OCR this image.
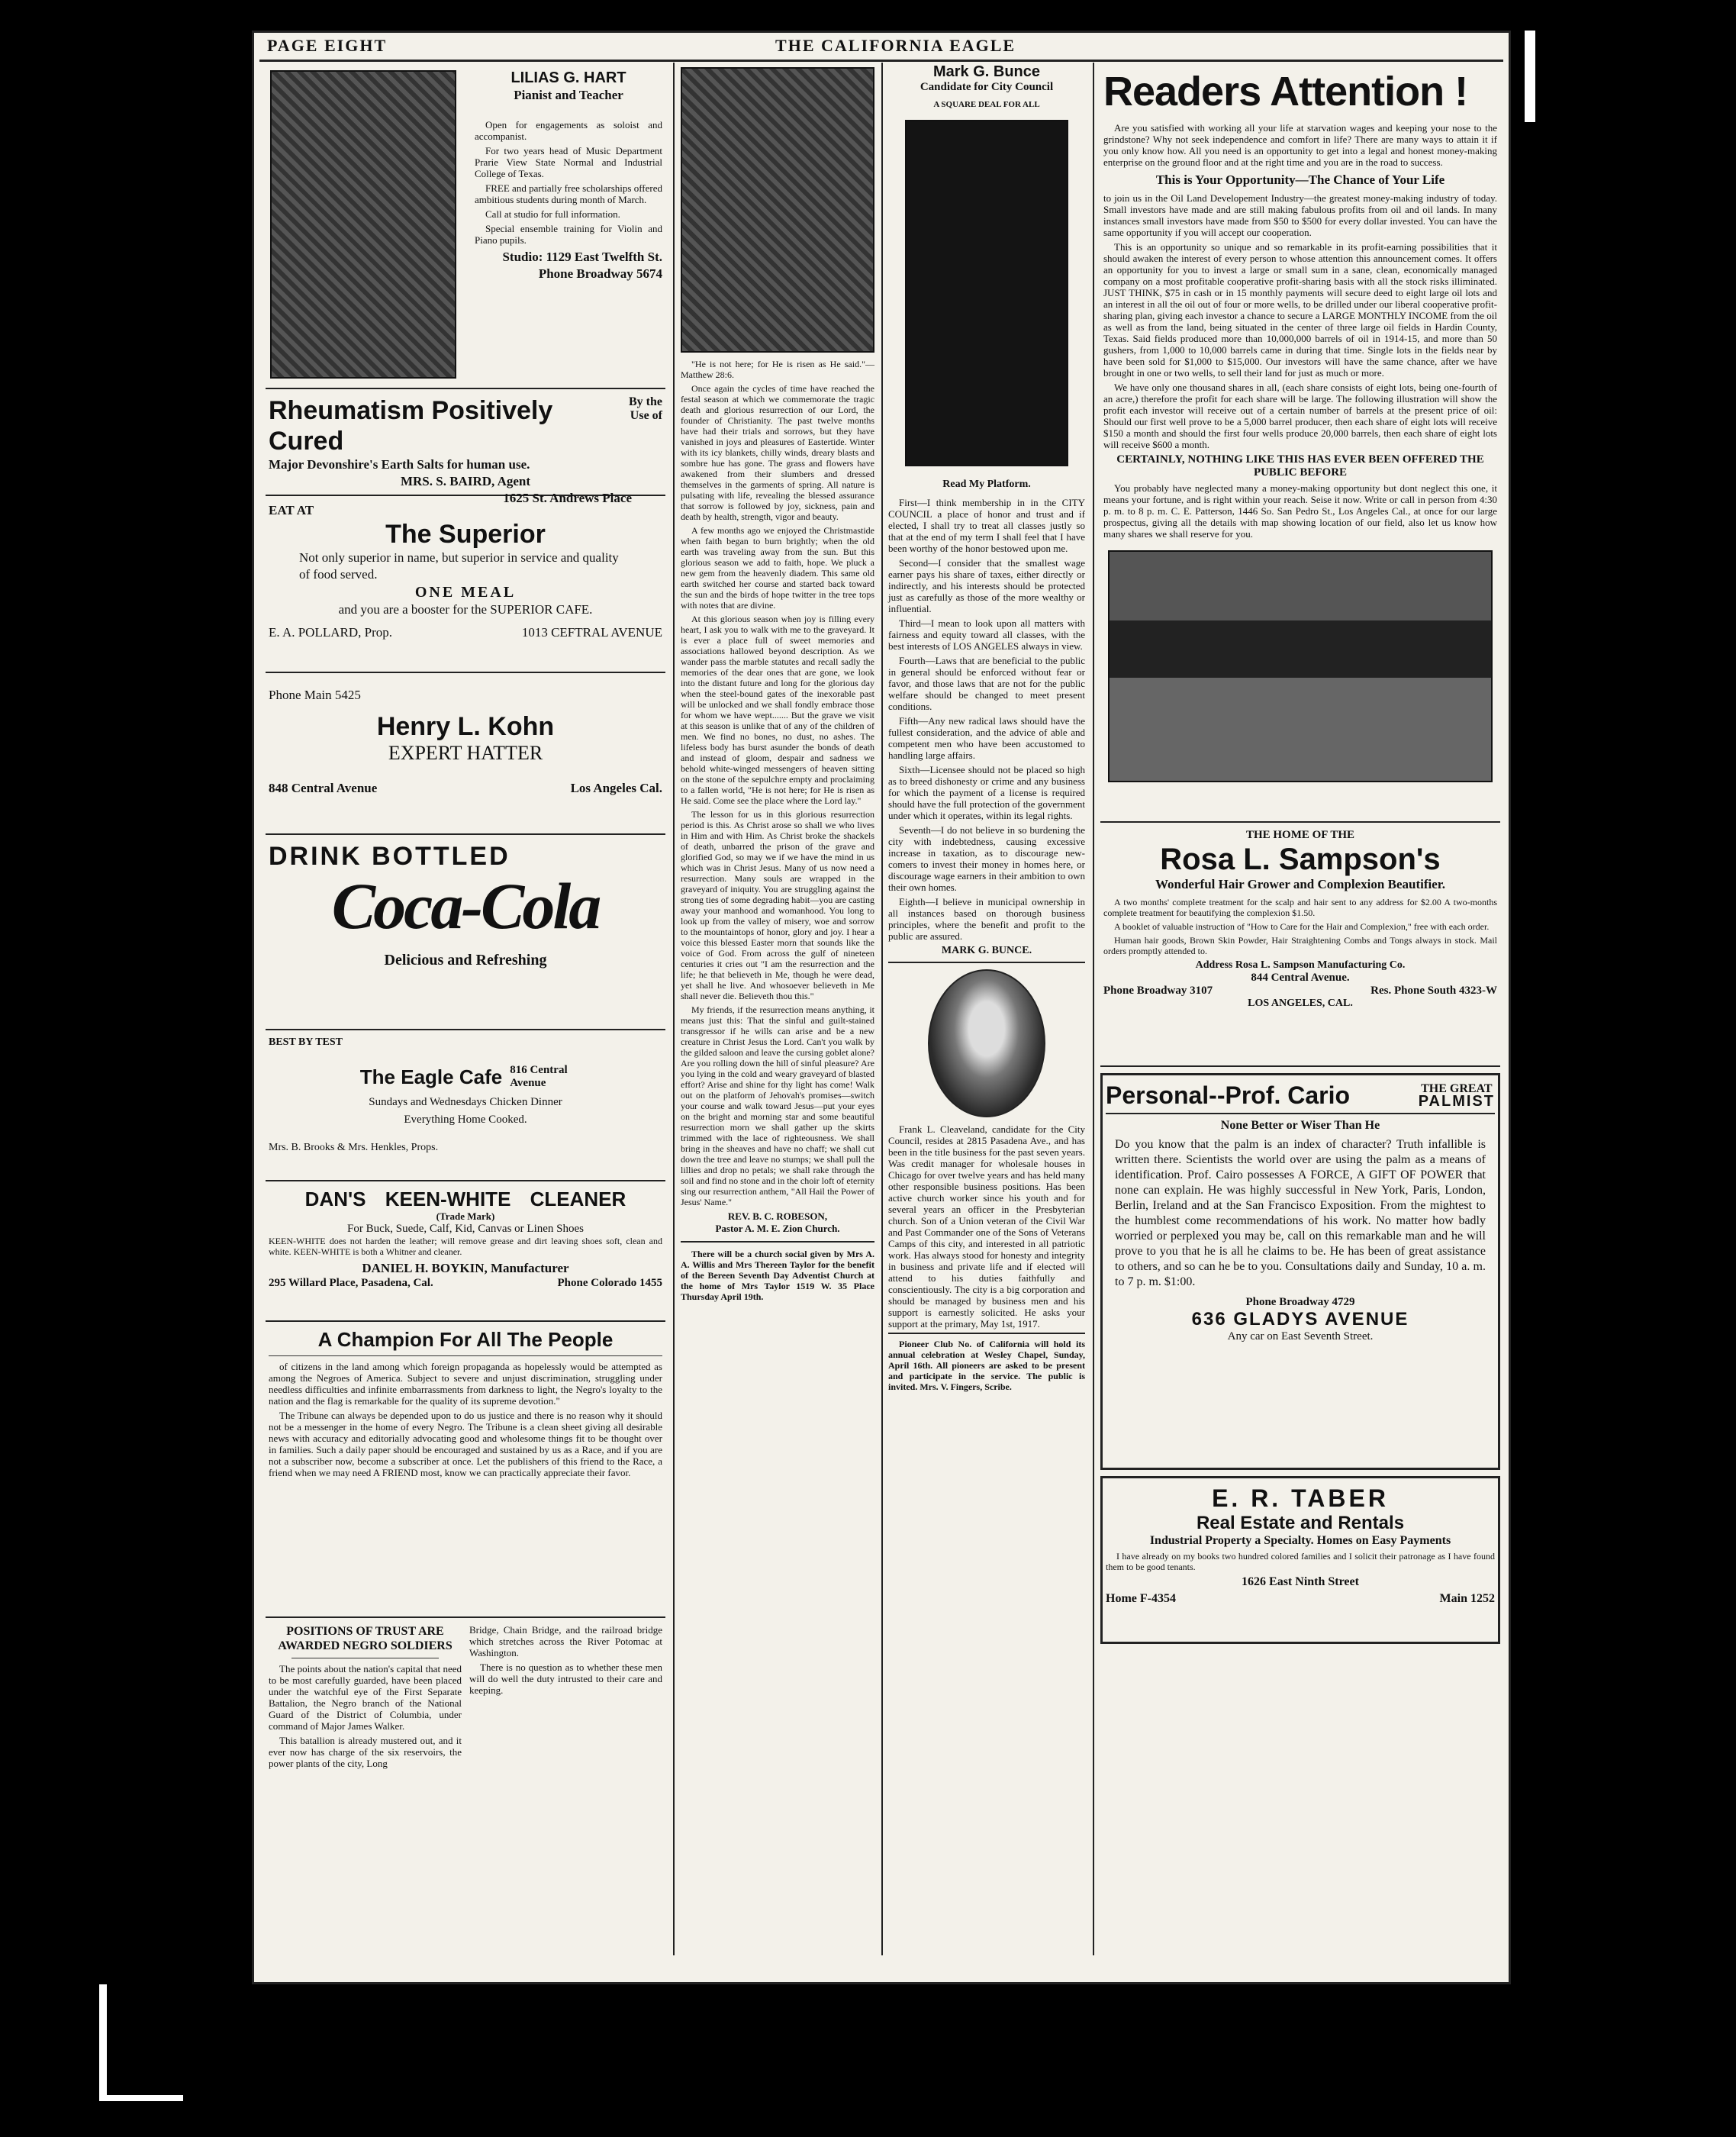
PAGE EIGHT	THE CALIFORNIA EAGLE
LILIAS G. HART
Pianist and Teacher

Open for engagements as soloist and accompanist.

For two years head of Music Department Prarie View State Normal and Industrial College of Texas.

FREE and partially free scholarships offered ambitious students during month of March.

Call at studio for full information.

Special ensemble training for Violin and Piano pupils.

Studio: 1129 East Twelfth St.
Phone Broadway 5674
Rheumatism Positively Cured
By the Use of
Major Devonshire's Earth Salts for human use.
MRS. S. BAIRD, Agent
1625 St. Andrews Place
EAT AT
The Superior
Not only superior in name, but superior in service and quality of food served.
ONE MEAL
and you are a booster for the SUPERIOR CAFE.
E. A. POLLARD, Prop.	1013 CEFTRAL AVENUE
Phone Main 5425
Henry L. Kohn
EXPERT HATTER
848 Central Avenue	Los Angeles Cal.
DRINK BOTTLED
Coca-Cola
Delicious and Refreshing
BEST BY TEST
The Eagle Cafe 816 Central Avenue
Sundays and Wednesdays Chicken Dinner
Everything Home Cooked.
Mrs. B. Brooks & Mrs. Henkles, Props.
DAN'S KEEN-WHITE CLEANER
(Trade Mark)
For Buck, Suede, Calf, Kid, Canvas or Linen Shoes

KEEN-WHITE does not harden the leather; will remove grease and dirt leaving shoes soft, clean and white. KEEN-WHITE is both a Whitner and cleaner.

DANIEL H. BOYKIN, Manufacturer
295 Willard Place, Pasadena, Cal.	Phone Colorado 1455
A Champion For All The People

of citizens in the land among which foreign propaganda as hopelessly would be attempted as among the Negroes of America. Subject to severe and unjust discrimination, struggling under needless difficulties and infinite embarrassments from darkness to light, the Negro's loyalty to the nation and the flag is remarkable for the quality of its supreme devotion."

The Tribune can always be depended upon to do us justice and there is no reason why it should not be a messenger in the home of every Negro. The Tribune is a clean sheet giving all desirable news with accuracy and editorially advocating good and wholesome things fit to be thought over in families. Such a daily paper should be encouraged and sustained by us as a Race, and if you are not a subscriber now, become a subscriber at once. Let the publishers of this friend to the Race, a friend when we may need A FRIEND most, know we can practically appreciate their favor.

POSITIONS OF TRUST ARE AWARDED NEGRO SOLDIERS

The points about the nation's capital that need to be most carefully guarded, have been placed under the watchful eye of the First Separate Battalion, the Negro branch of the National Guard of the District of Columbia, under command of Major James Walker.

This batallion is already mustered out, and it ever now has charge of the six reservoirs, the power plants of the city, Long

Bridge, Chain Bridge, and the railroad bridge which stretches across the River Potomac at Washington.

There is no question as to whether these men will do well the duty intrusted to their care and keeping.

"He is not here; for He is risen as He said."—Matthew 28:6.

Once again the cycles of time have reached the festal season at which we commemorate the tragic death and glorious resurrection of our Lord, the founder of Christianity. The past twelve months have had their trials and sorrows, but they have vanished in joys and pleasures of Eastertide. Winter with its icy blankets, chilly winds, dreary blasts and sombre hue has gone. The grass and flowers have awakened from their slumbers and dressed themselves in the garments of spring. All nature is pulsating with life, revealing the blessed assurance that sorrow is followed by joy, sickness, pain and death by health, strength, vigor and beauty.

A few months ago we enjoyed the Christmastide when faith began to burn brightly; when the old earth was traveling away from the sun. But this glorious season we add to faith, hope. We pluck a new gem from the heavenly diadem. This same old earth switched her course and started back toward the sun and the birds of hope twitter in the tree tops with notes that are divine.

At this glorious season when joy is filling every heart, I ask you to walk with me to the graveyard. It is ever a place full of sweet memories and associations hallowed beyond description. As we wander pass the marble statutes and recall sadly the memories of the dear ones that are gone, we look into the distant future and long for the glorious day when the steel-bound gates of the inexorable past will be unlocked and we shall fondly embrace those for whom we have wept....... But the grave we visit at this season is unlike that of any of the children of men. We find no bones, no dust, no ashes. The lifeless body has burst asunder the bonds of death and instead of gloom, despair and sadness we behold white-winged messengers of heaven sitting on the stone of the sepulchre empty and proclaiming to a fallen world, "He is not here; for He is risen as He said. Come see the place where the Lord lay."

The lesson for us in this glorious resurrection period is this. As Christ arose so shall we who lives in Him and with Him. As Christ broke the shackels of death, unbarred the prison of the grave and glorified God, so may we if we have the mind in us which was in Christ Jesus. Many of us now need a resurrection. Many souls are wrapped in the graveyard of iniquity. You are struggling against the strong ties of some degrading habit—you are casting away your manhood and womanhood. You long to look up from the valley of misery, woe and sorrow to the mountaintops of honor, glory and joy. I hear a voice this blessed Easter morn that sounds like the voice of God. From across the gulf of nineteen centuries it cries out "I am the resurrection and the life; he that believeth in Me, though he were dead, yet shall he live. And whosoever believeth in Me shall never die. Believeth thou this."

My friends, if the resurrection means anything, it means just this: That the sinful and guilt-stained transgressor if he wills can arise and be a new creature in Christ Jesus the Lord. Can't you walk by the gilded saloon and leave the cursing goblet alone? Are you rolling down the hill of sinful pleasure? Are you lying in the cold and weary graveyard of blasted effort? Arise and shine for thy light has come! Walk out on the platform of Jehovah's promises—switch your course and walk toward Jesus—put your eyes on the bright and morning star and some beautiful resurrection morn we shall gather up the skirts trimmed with the lace of righteousness. We shall bring in the sheaves and have no chaff; we shall cut down the tree and leave no stumps; we shall pull the lillies and drop no petals; we shall rake through the soil and find no stone and in the choir loft of eternity sing our resurrection anthem, "All Hail the Power of Jesus' Name."

REV. B. C. ROBESON,
Pastor A. M. E. Zion Church.

There will be a church social given by Mrs A. A. Willis and Mrs Thereen Taylor for the benefit of the Bereen Seventh Day Adventist Church at the home of Mrs Taylor 1519 W. 35 Place Thursday April 19th.

Mark G. Bunce
Candidate for City Council
A SQUARE DEAL FOR ALL
Read My Platform.

First—I think membership in in the CITY COUNCIL a place of honor and trust and if elected, I shall try to treat all classes justly so that at the end of my term I shall feel that I have been worthy of the honor bestowed upon me.

Second—I consider that the smallest wage earner pays his share of taxes, either directly or indirectly, and his interests should be protected just as carefully as those of the more wealthy or influential.

Third—I mean to look upon all matters with fairness and equity toward all classes, with the best interests of LOS ANGELES always in view.

Fourth—Laws that are beneficial to the public in general should be enforced without fear or favor, and those laws that are not for the public welfare should be changed to meet present conditions.

Fifth—Any new radical laws should have the fullest consideration, and the advice of able and competent men who have been accustomed to handling large affairs.

Sixth—Licensee should not be placed so high as to breed dishonesty or crime and any business for which the payment of a license is required should have the full protection of the government under which it operates, within its legal rights.

Seventh—I do not believe in so burdening the city with indebtedness, causing excessive increase in taxation, as to discourage new-comers to invest their money in homes here, or discourage wage earners in their ambition to own their own homes.

Eighth—I believe in municipal ownership in all instances based on thorough business principles, where the benefit and profit to the public are assured.

MARK G. BUNCE.

Frank L. Cleaveland, candidate for the City Council, resides at 2815 Pasadena Ave., and has been in the title business for the past seven years. Was credit manager for wholesale houses in Chicago for over twelve years and has held many other responsible business positions. Has been active church worker since his youth and for several years an officer in the Presbyterian church. Son of a Union veteran of the Civil War and Past Commander one of the Sons of Veterans Camps of this city, and interested in all patriotic work. Has always stood for honesty and integrity in business and private life and if elected will attend to his duties faithfully and conscientiously. The city is a big corporation and should be managed by business men and his support is earnestly solicited. He asks your support at the primary, May 1st, 1917.

Pioneer Club No. of California will hold its annual celebration at Wesley Chapel, Sunday, April 16th. All pioneers are asked to be present and participate in the service. The public is invited. Mrs. V. Fingers, Scribe.

Readers Attention !

Are you satisfied with working all your life at starvation wages and keeping your nose to the grindstone? Why not seek independence and comfort in life? There are many ways to attain it if you only know how. All you need is an opportunity to get into a legal and honest money-making enterprise on the ground floor and at the right time and you are in the road to success.

This is Your Opportunity—The Chance of Your Life

to join us in the Oil Land Developement Industry—the greatest money-making industry of today. Small investors have made and are still making fabulous profits from oil and oil lands. In many instances small investors have made from $50 to $500 for every dollar invested. You can have the same opportunity if you will accept our cooperation.

This is an opportunity so unique and so remarkable in its profit-earning possibilities that it should awaken the interest of every person to whose attention this announcement comes. It offers an opportunity for you to invest a large or small sum in a sane, clean, economically managed company on a most profitable cooperative profit-sharing basis with all the stock risks illiminated. JUST THINK, $75 in cash or in 15 monthly payments will secure deed to eight large oil lots and an interest in all the oil out of four or more wells, to be drilled under our liberal cooperative profit-sharing plan, giving each investor a chance to secure a LARGE MONTHLY INCOME from the oil as well as from the land, being situated in the center of three large oil fields in Hardin County, Texas. Said fields produced more than 10,000,000 barrels of oil in 1914-15, and more than 50 gushers, from 1,000 to 10,000 barrels came in during that time. Single lots in the fields near by have been sold for $1,000 to $15,000. Our investors will have the same chance, after we have brought in one or two wells, to sell their land for just as much or more.

We have only one thousand shares in all, (each share consists of eight lots, being one-fourth of an acre,) therefore the profit for each share will be large. The following illustration will show the profit each investor will receive out of a certain number of barrels at the present price of oil: Should our first well prove to be a 5,000 barrel producer, then each share of eight lots will receive $150 a month and should the first four wells produce 20,000 barrels, then each share of eight lots will receive $600 a month.

CERTAINLY, NOTHING LIKE THIS HAS EVER BEEN OFFERED THE PUBLIC BEFORE

You probably have neglected many a money-making opportunity but dont neglect this one, it means your fortune, and is right within your reach. Seise it now. Write or call in person from 4:30 p. m. to 8 p. m. C. E. Patterson, 1446 So. San Pedro St., Los Angeles Cal., at once for our large prospectus, giving all the details with map showing location of our field, also let us know how many shares we shall reserve for you.

THE HOME OF THE
Rosa L. Sampson's
Wonderful Hair Grower and Complexion Beautifier.

A two months' complete treatment for the scalp and hair sent to any address for $2.00 A two-months complete treatment for beautifying the complexion $1.50.

A booklet of valuable instruction of "How to Care for the Hair and Complexion," free with each order.

Human hair goods, Brown Skin Powder, Hair Straightening Combs and Tongs always in stock. Mail orders promptly attended to.

Address Rosa L. Sampson Manufacturing Co.
844 Central Avenue.
Phone Broadway 3107	Res. Phone South 4323-W
LOS ANGELES, CAL.
Personal--Prof. Cario	THE GREAT
PALMIST
None Better or Wiser Than He
Do you know that the palm is an index of character? Truth infallible is written there. Scientists the world over are using the palm as a means of identification. Prof. Cairo possesses A FORCE, A GIFT OF POWER that none can explain. He was highly successful in New York, Paris, London, Berlin, Ireland and at the San Francisco Exposition. From the mightest to the humblest come recommendations of his work. No matter how badly worried or perplexed you may be, call on this remarkable man and he will prove to you that he is all he claims to be. He has been of great assistance to others, and so can he be to you. Consultations daily and Sunday, 10 a. m. to 7 p. m. $1:00.
Phone Broadway 4729
636 GLADYS AVENUE
Any car on East Seventh Street.
E. R. TABER
Real Estate and Rentals
Industrial Property a Specialty. Homes on Easy Payments

I have already on my books two hundred colored families and I solicit their patronage as I have found them to be good tenants.

1626 East Ninth Street
Home F-4354	Main 1252
